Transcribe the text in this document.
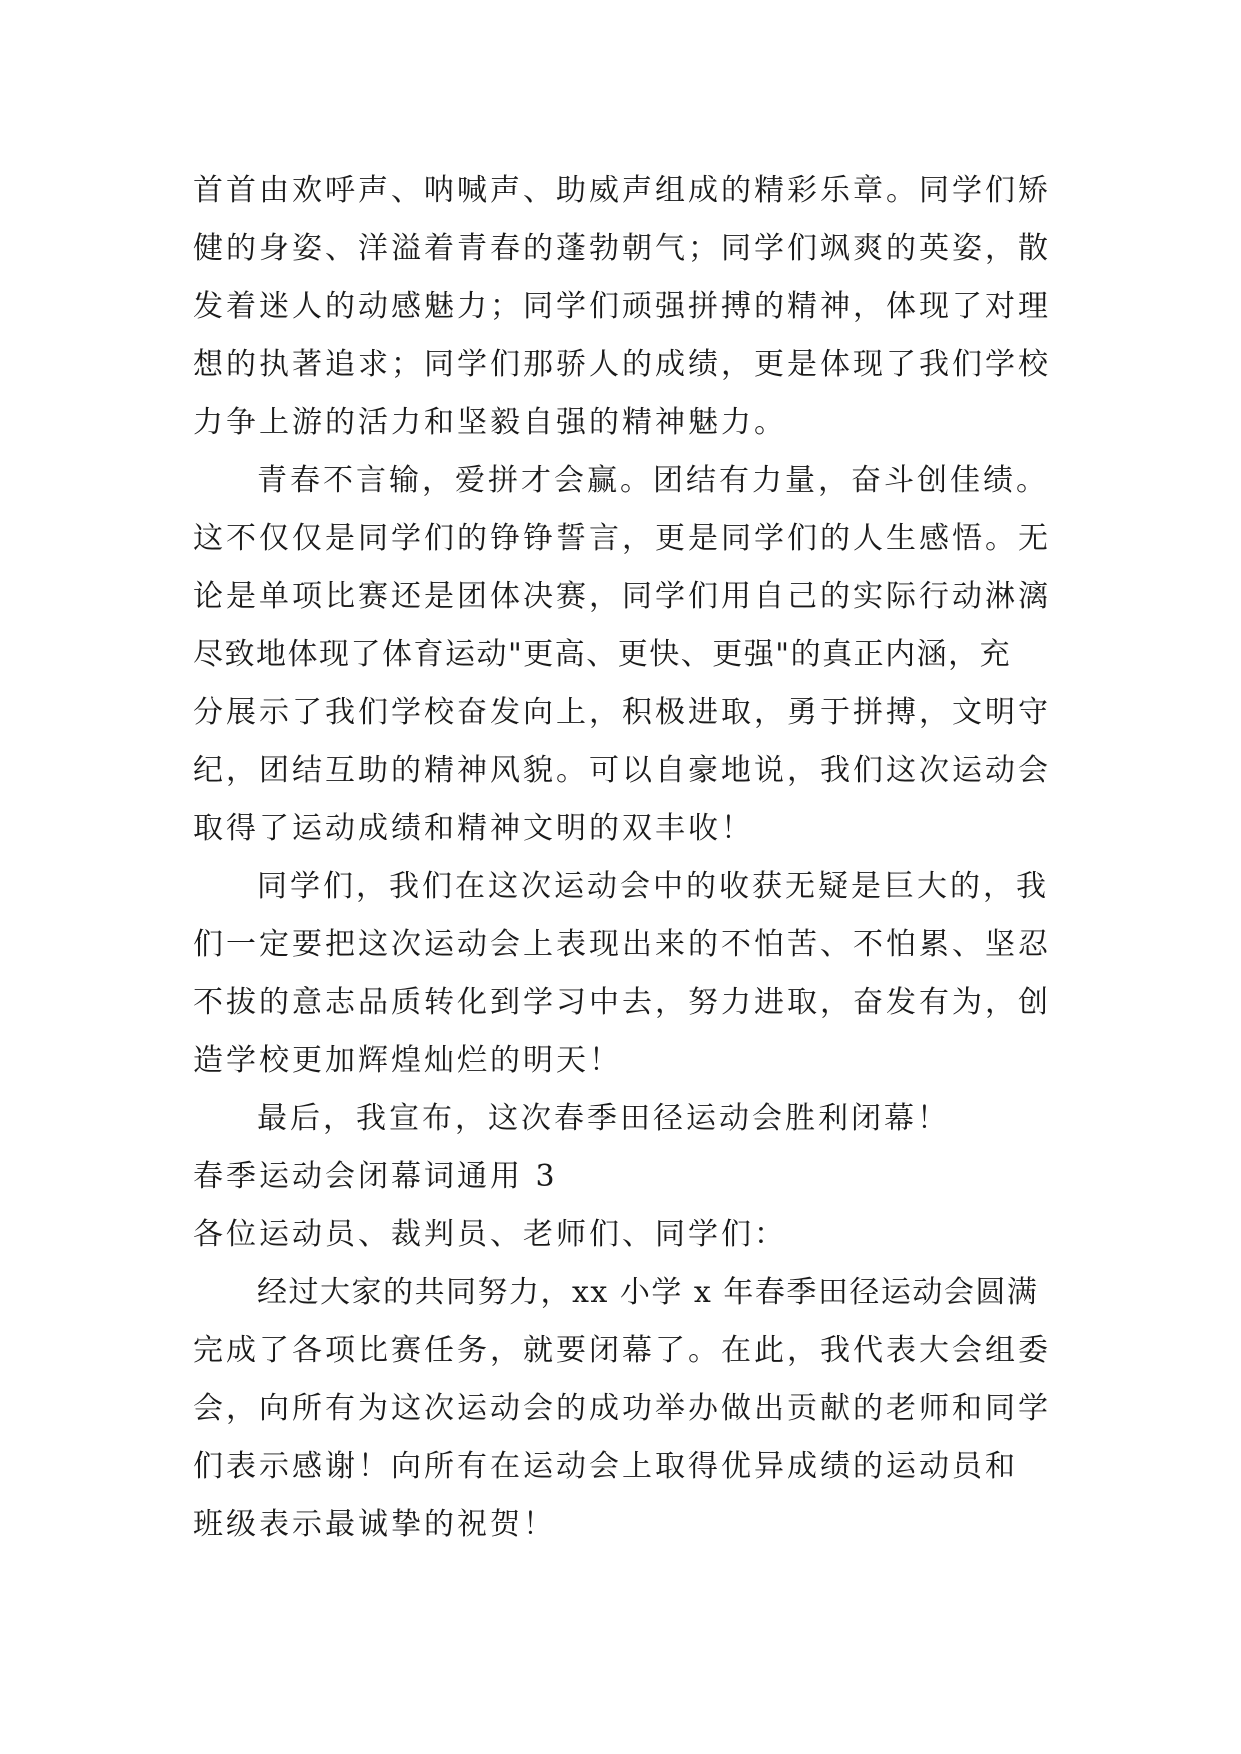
首首由欢呼声、呐喊声、助威声组成的精彩乐章。同学们矫
健的身姿、洋溢着青春的蓬勃朝气；同学们飒爽的英姿，散
发着迷人的动感魅力；同学们顽强拼搏的精神，体现了对理
想的执著追求；同学们那骄人的成绩，更是体现了我们学校
力争上游的活力和坚毅自强的精神魅力。
青春不言输，爱拼才会赢。团结有力量，奋斗创佳绩。
这不仅仅是同学们的铮铮誓言，更是同学们的人生感悟。无
论是单项比赛还是团体决赛，同学们用自己的实际行动淋漓
尽致地体现了体育运动"更高、更快、更强"的真正内涵，充
分展示了我们学校奋发向上，积极进取，勇于拼搏，文明守
纪，团结互助的精神风貌。可以自豪地说，我们这次运动会
取得了运动成绩和精神文明的双丰收！
同学们，我们在这次运动会中的收获无疑是巨大的，我
们一定要把这次运动会上表现出来的不怕苦、不怕累、坚忍
不拔的意志品质转化到学习中去，努力进取，奋发有为，创
造学校更加辉煌灿烂的明天！
最后，我宣布，这次春季田径运动会胜利闭幕！
春季运动会闭幕词通用 3
各位运动员、裁判员、老师们、同学们：
经过大家的共同努力，xx 小学 x 年春季田径运动会圆满
完成了各项比赛任务，就要闭幕了。在此，我代表大会组委
会，向所有为这次运动会的成功举办做出贡献的老师和同学
们表示感谢！向所有在运动会上取得优异成绩的运动员和
班级表示最诚挚的祝贺！
